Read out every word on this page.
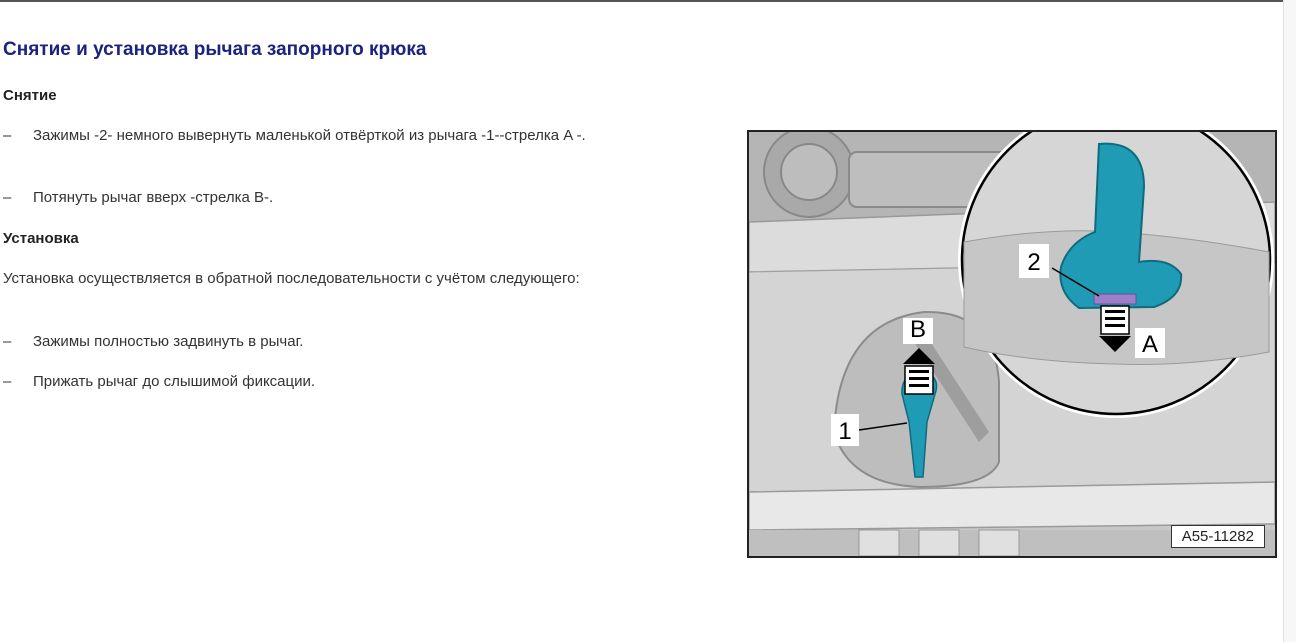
Снятие и установка рычага запорного крюка
Снятие
–	Зажимы -2- немного вывернуть маленькой отвёрткой из рычага -1--стрелка A -.
–	Потянуть рычаг вверх -стрелка B-.
Установка

Установка осуществляется в обратной последовательности с учётом следующего:

–	Зажимы полностью задвинуть в рычаг.
–	Прижать рычаг до слышимой фиксации.
B
1
2
A
A55-11282
